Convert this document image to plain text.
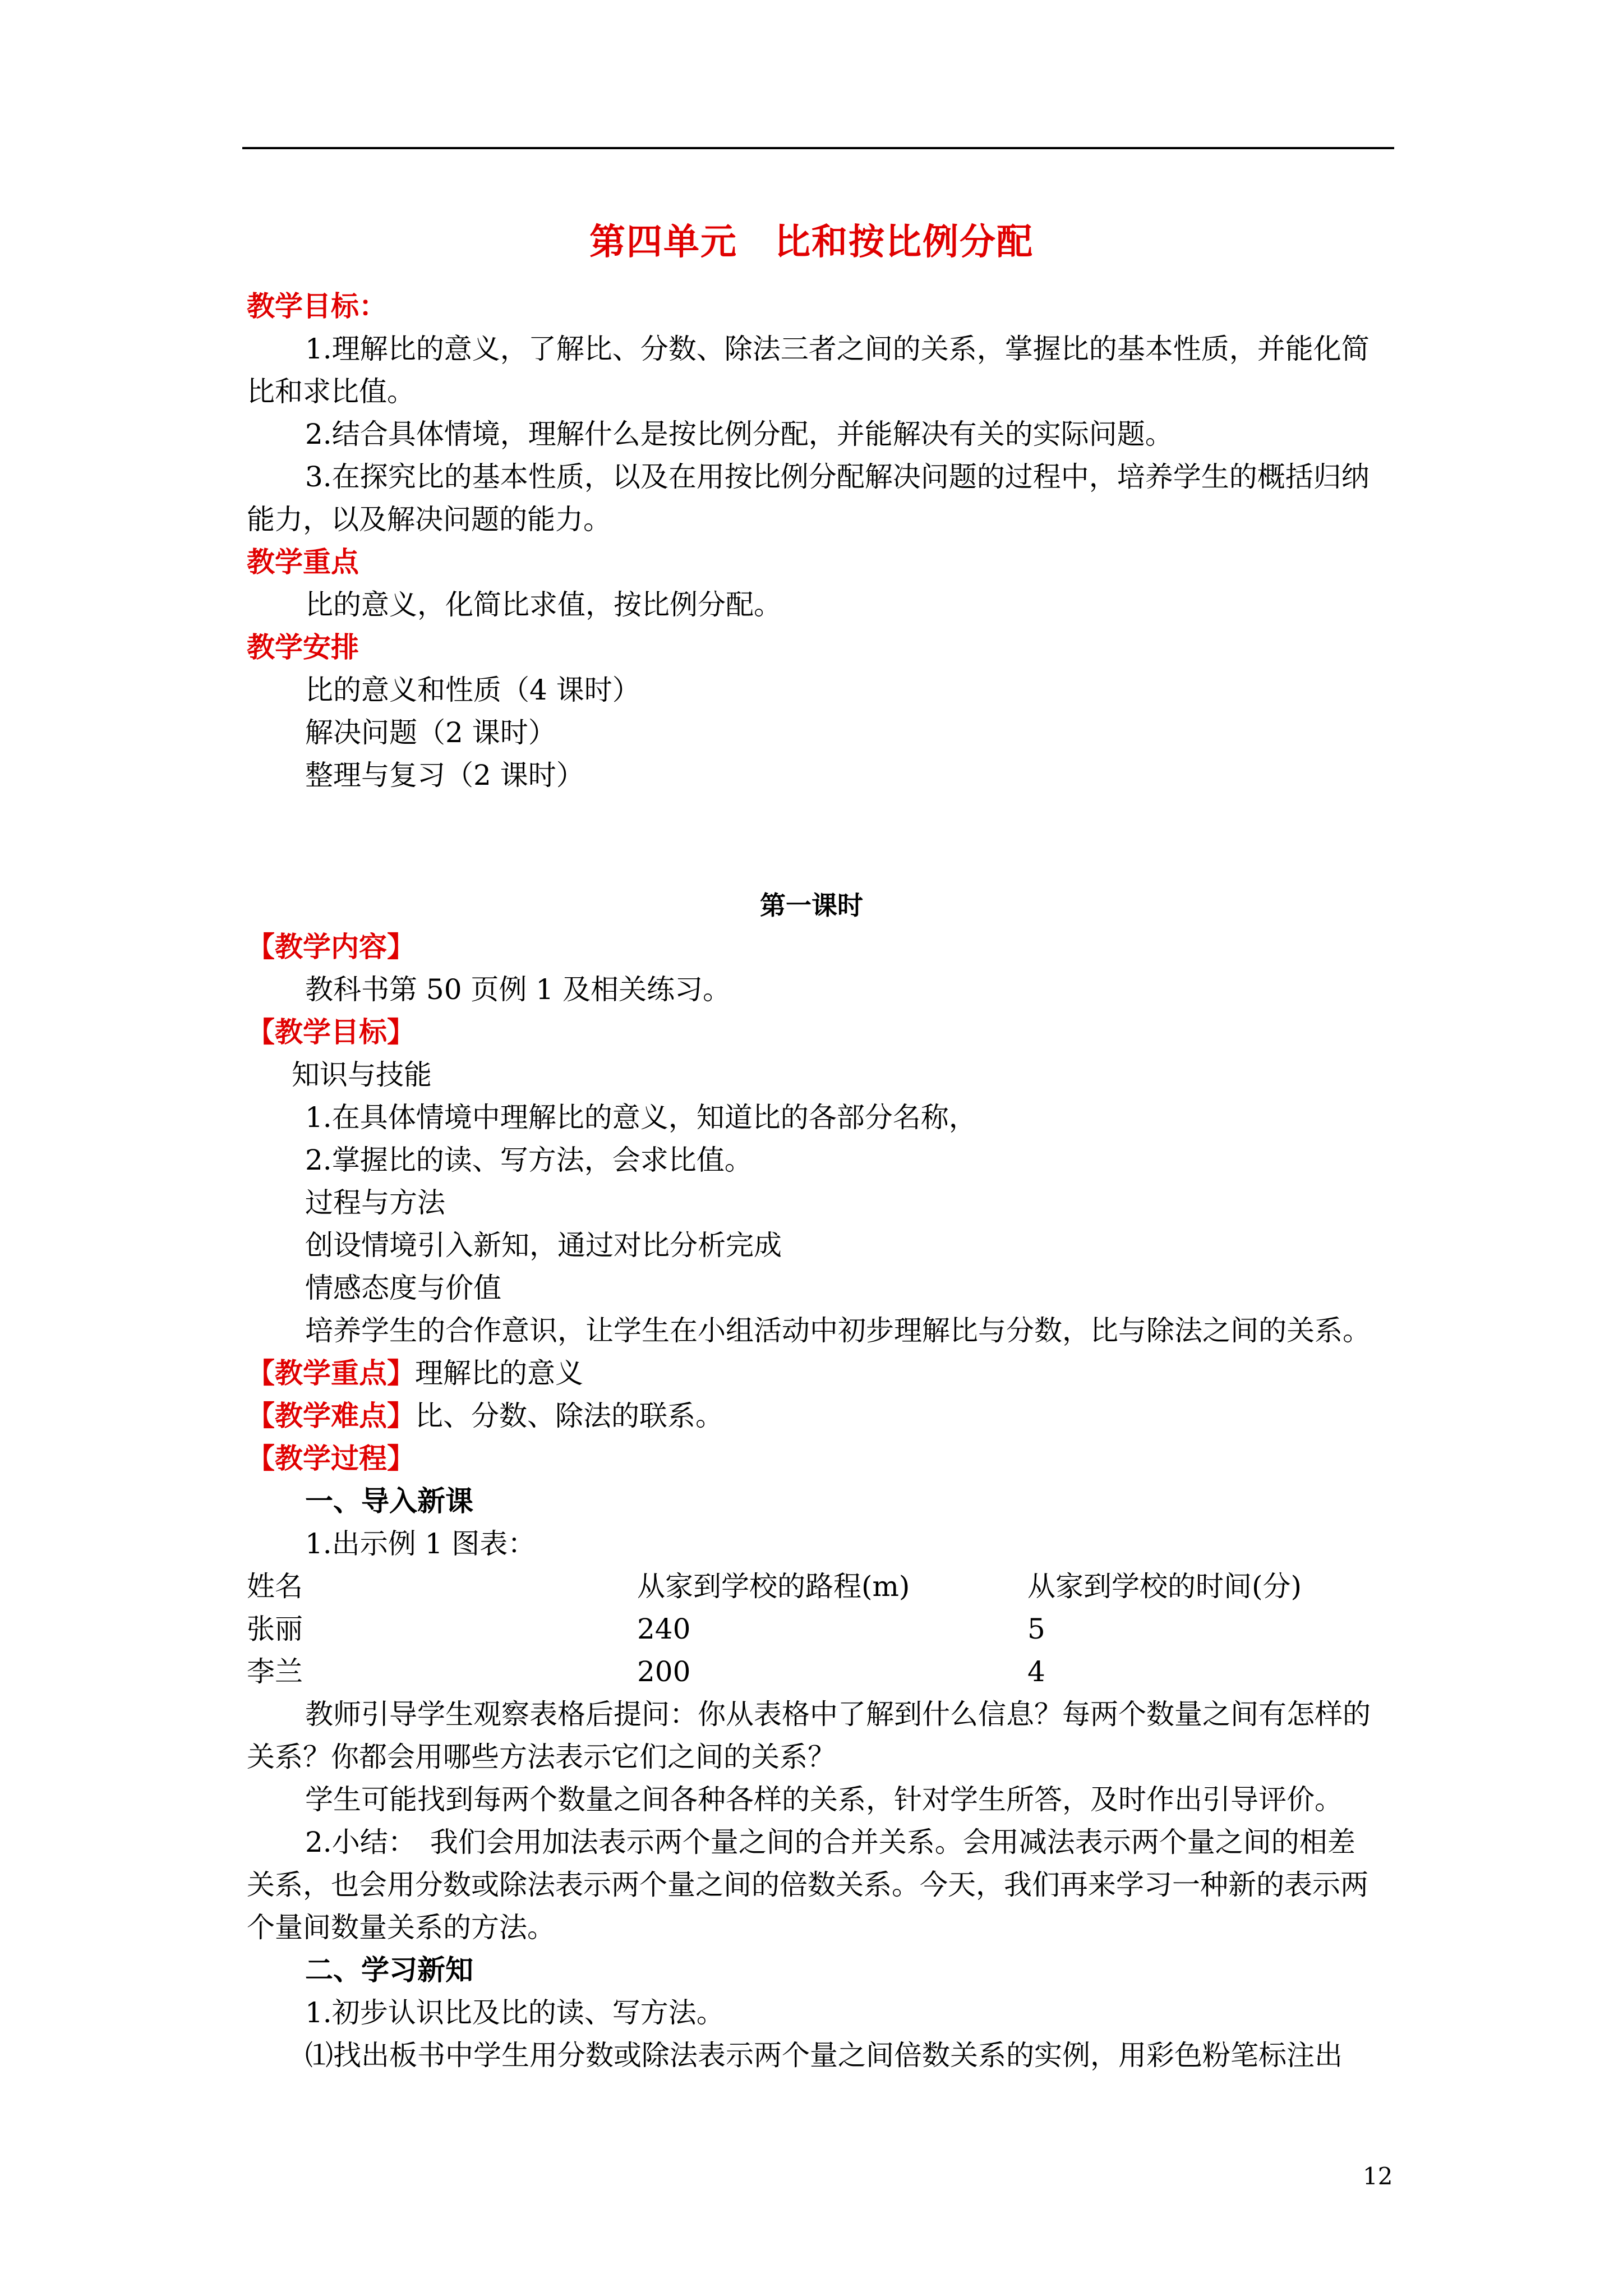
第四单元　比和按比例分配
教学目标：
1.理解比的意义，了解比、分数、除法三者之间的关系，掌握比的基本性质，并能化简
比和求比值。
2.结合具体情境，理解什么是按比例分配，并能解决有关的实际问题。
3.在探究比的基本性质，以及在用按比例分配解决问题的过程中，培养学生的概括归纳
能力，以及解决问题的能力。
教学重点
比的意义，化简比求值，按比例分配。
教学安排
比的意义和性质（4 课时）
解决问题（2 课时）
整理与复习（2 课时）
第一课时
【教学内容】
教科书第 50 页例 1 及相关练习。
【教学目标】
知识与技能
1.在具体情境中理解比的意义，知道比的各部分名称，
2.掌握比的读、写方法，会求比值。
过程与方法
创设情境引入新知，通过对比分析完成
情感态度与价值
培养学生的合作意识，让学生在小组活动中初步理解比与分数，比与除法之间的关系。
【教学重点】理解比的意义
【教学难点】比、分数、除法的联系。
【教学过程】
一、导入新课
1.出示例 1 图表：
姓名	从家到学校的路程(m)	从家到学校的时间(分)
张丽	240	5
李兰	200	4
教师引导学生观察表格后提问：你从表格中了解到什么信息？每两个数量之间有怎样的
关系？你都会用哪些方法表示它们之间的关系？
学生可能找到每两个数量之间各种各样的关系，针对学生所答，及时作出引导评价。
2.小结：　我们会用加法表示两个量之间的合并关系。会用减法表示两个量之间的相差
关系，也会用分数或除法表示两个量之间的倍数关系。今天，我们再来学习一种新的表示两
个量间数量关系的方法。
二、学习新知
1.初步认识比及比的读、写方法。
⑴找出板书中学生用分数或除法表示两个量之间倍数关系的实例，用彩色粉笔标注出
12
